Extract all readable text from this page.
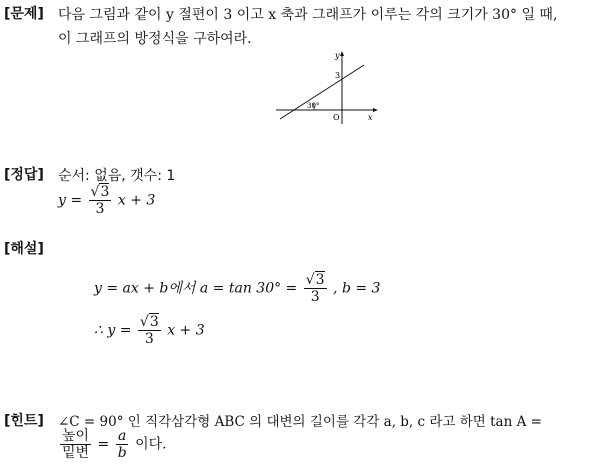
[문제] 다음 그림과 같이 y 절편이 3 이고 x 축과 그래프가 이루는 각의 크기가 30° 일 때,
이 그래프의 방정식을 구하여라.
y
x
O
3
30°
[정답] 순서: 없음, 갯수: 1
$y = \frac{√3}{3}$ x + 3
[해설]
y = ax + b에서 $a = \tan 30^\circ = \frac{√3}{3}$ , b = 3
∴ $y = \frac{√3}{3}$ x + 3
[힌트] ∠C = 90° 인 직각삼각형 ABC 의 대변의 길이를 각각 a, b, c 라고 하면 tan A =
$\frac{\text{높이}}{\text{밑변}} = \frac{a}{b}$ 이다.
